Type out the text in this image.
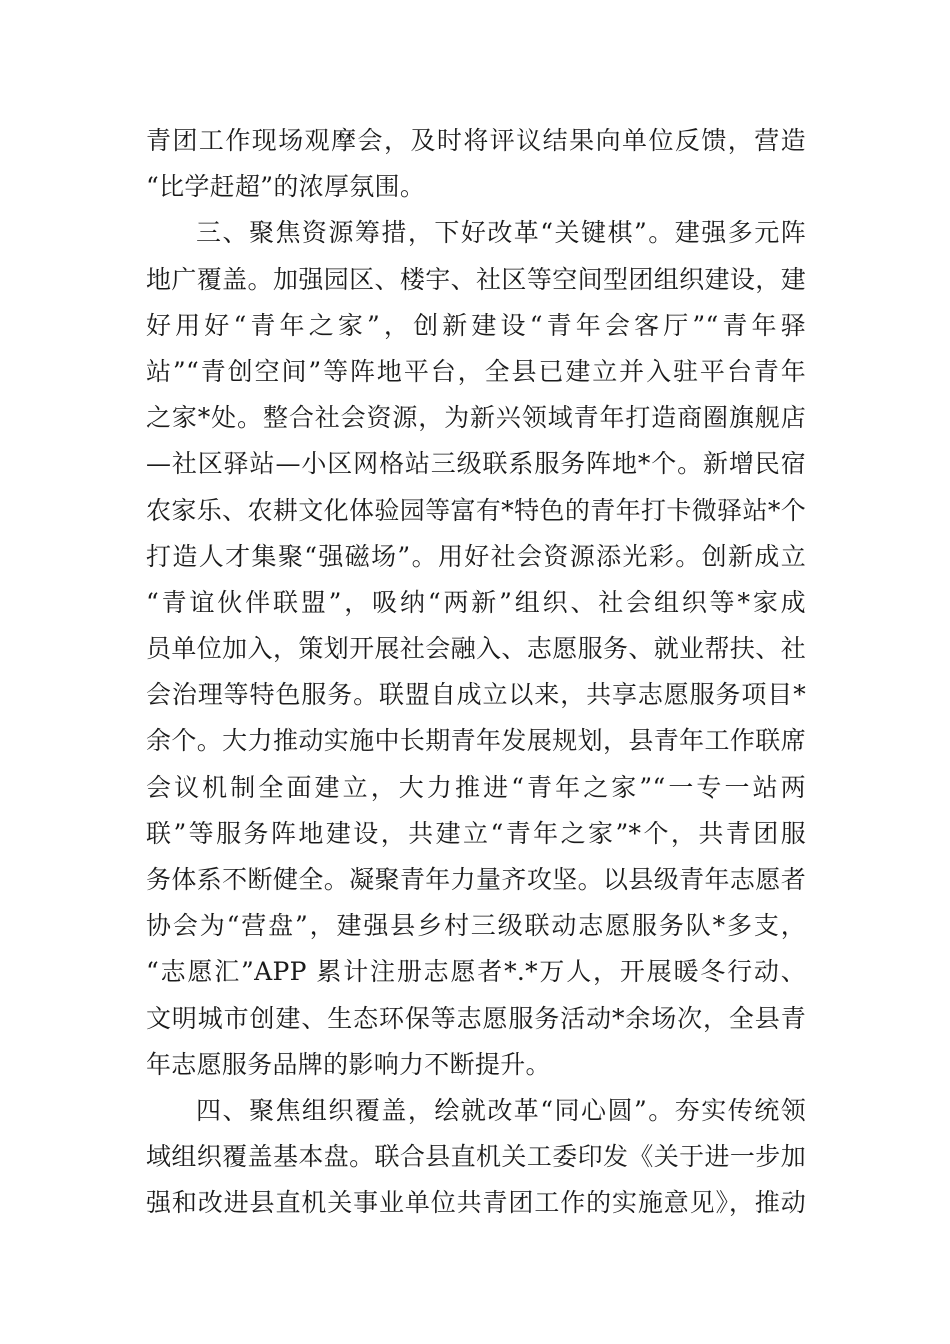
青团工作现场观摩会，及时将评议结果向单位反馈，营造
“比学赶超”的浓厚氛围。
三、聚焦资源筹措，下好改革“关键棋”。建强多元阵
地广覆盖。加强园区、楼宇、社区等空间型团组织建设，建
好用好“青年之家”，创新建设“青年会客厅”“青年驿
站”“青创空间”等阵地平台，全县已建立并入驻平台青年
之家*处。整合社会资源，为新兴领域青年打造商圈旗舰店
—社区驿站—小区网格站三级联系服务阵地*个。新增民宿
农家乐、农耕文化体验园等富有*特色的青年打卡微驿站*个
打造人才集聚“强磁场”。用好社会资源添光彩。创新成立
“青谊伙伴联盟”，吸纳“两新”组织、社会组织等*家成
员单位加入，策划开展社会融入、志愿服务、就业帮扶、社
会治理等特色服务。联盟自成立以来，共享志愿服务项目*
余个。大力推动实施中长期青年发展规划，县青年工作联席
会议机制全面建立，大力推进“青年之家”“一专一站两
联”等服务阵地建设，共建立“青年之家”*个，共青团服
务体系不断健全。凝聚青年力量齐攻坚。以县级青年志愿者
协会为“营盘”，建强县乡村三级联动志愿服务队*多支，
“志愿汇”APP 累计注册志愿者*.*万人，开展暖冬行动、
文明城市创建、生态环保等志愿服务活动*余场次，全县青
年志愿服务品牌的影响力不断提升。
四、聚焦组织覆盖，绘就改革“同心圆”。夯实传统领
域组织覆盖基本盘。联合县直机关工委印发《关于进一步加
强和改进县直机关事业单位共青团工作的实施意见》，推动
